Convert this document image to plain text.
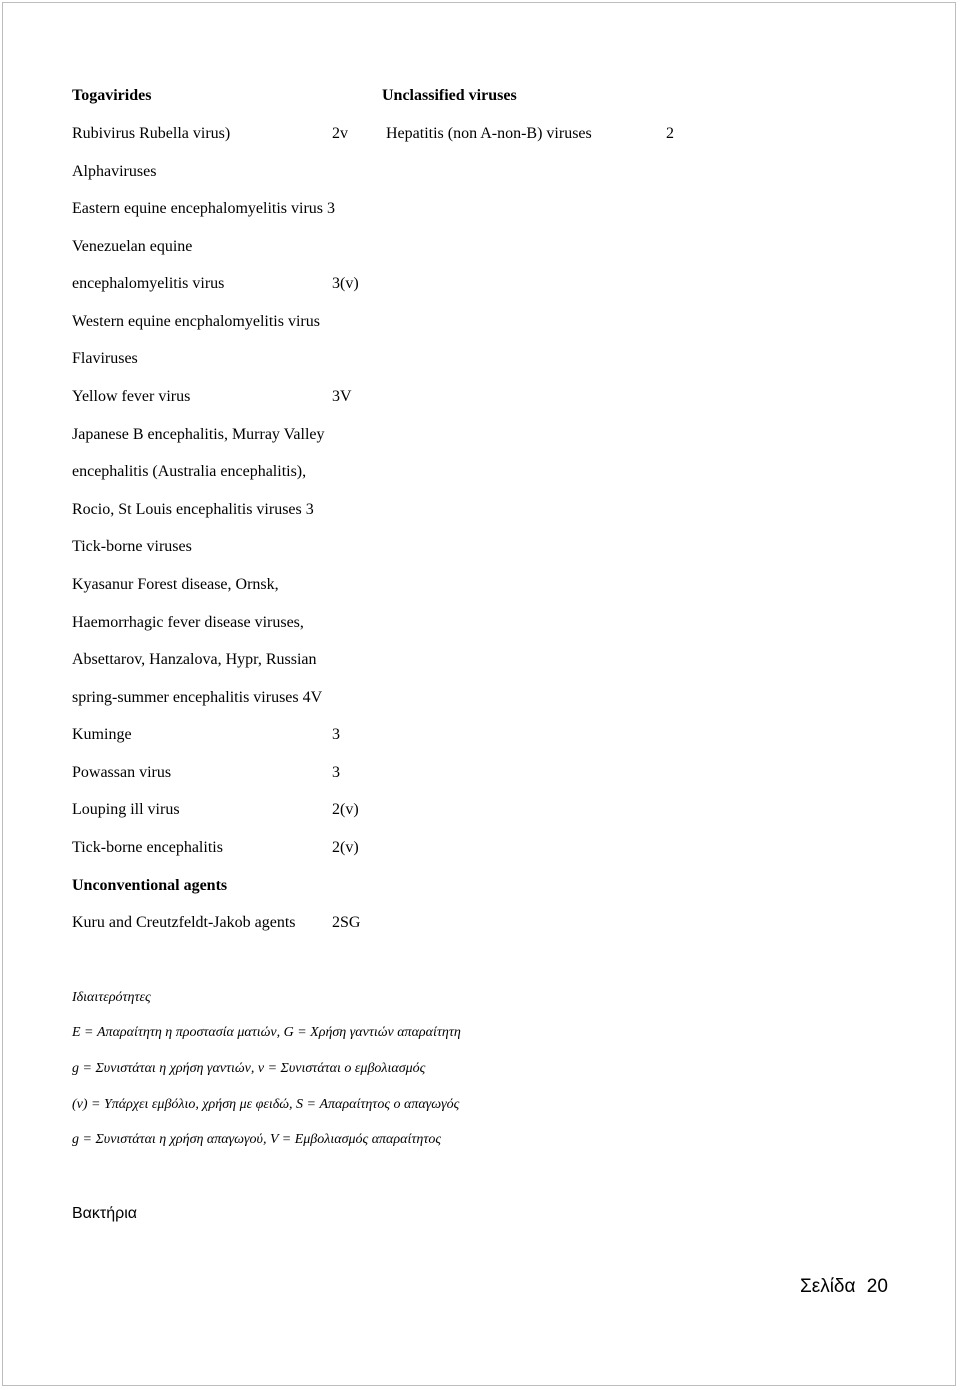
Togavirides	Unclassified viruses
Rubivirus Rubella virus)	2v Hepatitis (non A-non-B) viruses	2
Alphaviruses
Eastern equine encephalomyelitis virus 3
Venezuelan equine
encephalomyelitis virus	3(v)
Western equine encphalomyelitis virus
Flaviruses
Yellow fever virus	3V
Japanese B encephalitis, Murray Valley
encephalitis (Australia encephalitis),
Rocio, St Louis encephalitis viruses 3
Tick-borne viruses
Kyasanur Forest disease, Ornsk,
Haemorrhagic fever disease viruses,
Absettarov, Hanzalova, Hypr, Russian
spring-summer encephalitis viruses 4V
Kuminge	3
Powassan virus	3
Louping ill virus	2(v)
Tick-borne encephalitis	2(v)
Unconventional agents
Kuru and Creutzfeldt-Jakob agents 2SG
Ιδιαιτερότητες
E = Απαραίτητη η προστασία ματιών, G = Χρήση γαντιών απαραίτητη
g = Συνιστάται η χρήση γαντιών, v = Συνιστάται ο εμβολιασμός
(v) = Υπάρχει εμβόλιο, χρήση με φειδώ, S = Απαραίτητος ο απαγωγός
g = Συνιστάται η χρήση απαγωγού, V = Εμβολιασμός απαραίτητος
Βακτήρια
Σελίδα 20
